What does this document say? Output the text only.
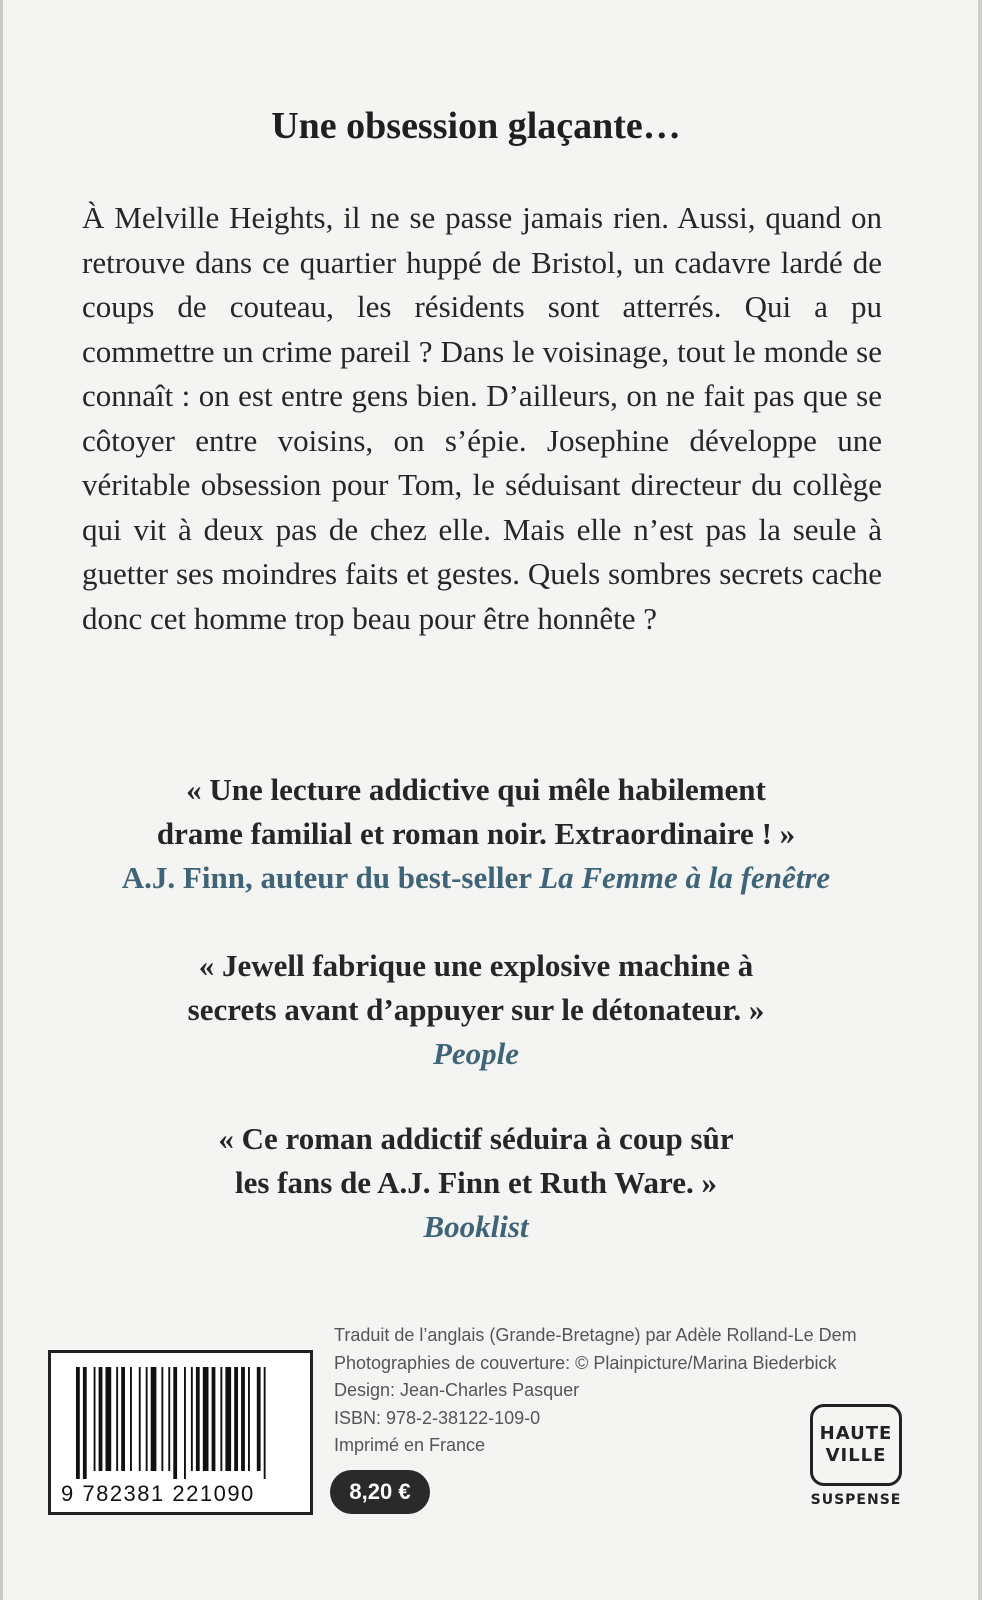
Une obsession glaçante…

À Melville Heights, il ne se passe jamais rien. Aussi, quand on retrouve dans ce quartier huppé de Bristol, un cadavre lardé de coups de couteau, les résidents sont atterrés. Qui a pu commettre un crime pareil ? Dans le voisinage, tout le monde se connaît : on est entre gens bien. D’ailleurs, on ne fait pas que se côtoyer entre voisins, on s’épie. Josephine développe une véritable obsession pour Tom, le séduisant directeur du collège qui vit à deux pas de chez elle. Mais elle n’est pas la seule à guetter ses moindres faits et gestes. Quels sombres secrets cache donc cet homme trop beau pour être honnête ?

« Une lecture addictive qui mêle habilement
drame familial et roman noir. Extraordinaire ! »
A.J. Finn, auteur du best-seller La Femme à la fenêtre
« Jewell fabrique une explosive machine à
secrets avant d’appuyer sur le détonateur. »
People
« Ce roman addictif séduira à coup sûr
les fans de A.J. Finn et Ruth Ware. »
Booklist
Traduit de l’anglais (Grande-Bretagne) par Adèle Rolland-Le Dem
Photographies de couverture: © Plainpicture/Marina Biederbick
Design: Jean-Charles Pasquer
ISBN: 978-2-38122-109-0
Imprimé en France
9 782381 221090	8,20 €
HAUTE
VILLE
SUSPENSE
